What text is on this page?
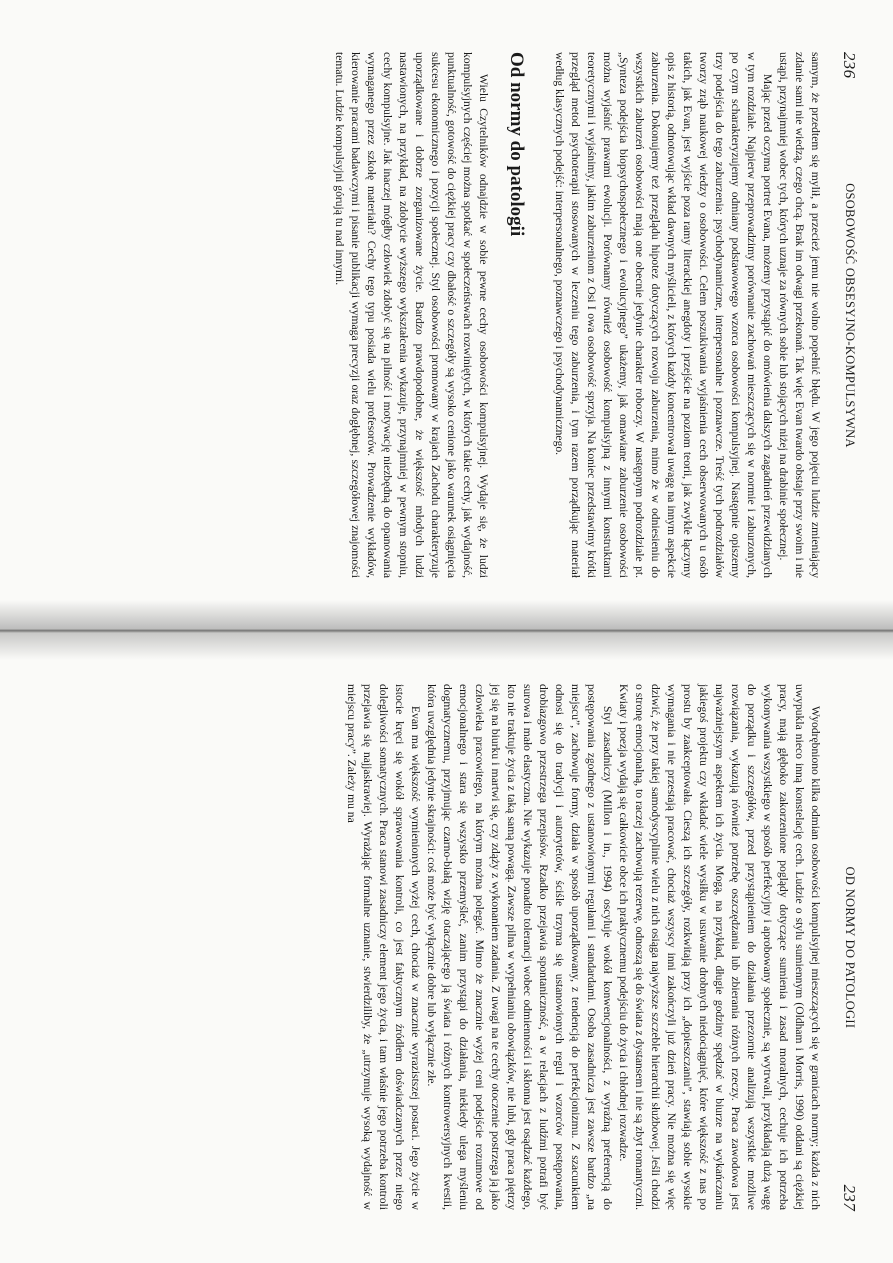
236
OSOBOWOŚĆ OBSESYJNO-KOMPULSYWNA

samym, że przedtem się mylił, a przecież jemu nie wolno popełnić błędu. W jego pojęciu ludzie zmieniający zdanie sami nie wiedzą, czego chcą. Brak im odwagi przekonań. Tak więc Evan twardo obstaje przy swoim i nie ustąpi, przynajmniej wobec tych, których uznaje za równych sobie lub stojących niżej na drabinie społecznej.

Mając przed oczyma portret Evana, możemy przystąpić do omówienia dalszych zagadnień przewidzianych w tym rozdziale. Najpierw przeprowadzimy porównanie zachowań mieszczących się w normie i zaburzonych, po czym scharakteryzujemy odmiany podstawowego wzorca osobowości kompulsyjnej. Następnie opiszemy trzy podejścia do tego zaburzenia: psychodynamiczne, interpersonalne i poznawcze. Treść tych podrozdziałów tworzy zrąb naukowej wiedzy o osobowości. Celem poszukiwania wyjaśnienia cech obserwowanych u osób takich, jak Evan, jest wyjście poza ramy literackiej anegdoty i przejście na poziom teorii, jak zwykle łączymy opis z historią, odnotowując wkład dawnych myślicieli, z których każdy koncentrował uwagę na innym aspekcie zaburzenia. Dokonujemy też przeglądu hipotez dotyczących rozwoju zaburzenia, mimo że w odniesieniu do wszystkich zaburzeń osobowości mają one obecnie jedynie charakter roboczy. W następnym podrozdziale pt. „Synteza podejścia biopsychospołecznego i ewolucyjnego” ukażemy, jak omawiane zaburzenie osobowości można wyjaśnić prawami ewolucji. Porównamy również osobowość kompulsyjną z innymi konstruktami teoretycznymi i wyjaśnimy, jakim zaburzeniom z Osi I owa osobowość sprzyja. Na koniec przedstawimy krótki przegląd metod psychoterapii stosowanych w leczeniu tego zaburzenia, i tym razem porządkując materiał według klasycznych podejść: interpersonalnego, poznawczego i psychodynamicznego.

Od normy do patologii

Wielu Czytelników odnajdzie w sobie pewne cechy osobowości kompulsyjnej. Wydaje się, że ludzi kompulsyjnych częściej można spotkać w społeczeństwach rozwiniętych, w których takie cechy, jak wydajność, punktualność, gotowość do ciężkiej pracy czy dbałość o szczegóły są wysoko cenione jako warunek osiągnięcia sukcesu ekonomicznego i pozycji społecznej. Styl osobowości promowany w krajach Zachodu charakteryzuje uporządkowane i dobrze zorganizowane życie. Bardzo prawdopodobne, że większość młodych ludzi nastawionych, na przykład, na zdobycie wyższego wykształcenia wykazuje, przynajmniej w pewnym stopniu, cechy kompulsyjne. Jak inaczej mógłby człowiek zdobyć się na pilność i motywację niezbędną do opanowania wymaganego przez szkołę materiału? Cechy tego typu posiada wielu profesorów. Prowadzenie wykładów, kierowanie pracami badawczymi i pisanie publikacji wymaga precyzji oraz dogłębnej, szczegółowej znajomości tematu. Ludzie kompulsyjni górują tu nad innymi.

OD NORMY DO PATOLOGII
237

Wyodrębniono kilka odmian osobowości kompulsyjnej mieszczących się w granicach normy; każda z nich uwypukla nieco inną konstelację cech. Ludzie o stylu sumiennym (Oldham i Morris, 1990) oddani są ciężkiej pracy, mają głęboko zakorzenione poglądy dotyczące sumienia i zasad moralnych, cechuje ich potrzeba wykonywania wszystkiego w sposób perfekcyjny i aprobowany społecznie, są wytrwali, przykładają dużą wagę do porządku i szczegółów, przed przystąpieniem do działania przezornie analizują wszystkie możliwe rozwiązania, wykazują również potrzebę oszczędzania lub zbierania różnych rzeczy. Praca zawodowa jest najważniejszym aspektem ich życia. Mogą, na przykład, długie godziny spędzać w biurze na wykańczaniu jakiegoś projektu czy wkładać wiele wysiłku w usuwanie drobnych niedociągnięć, które większość z nas po prostu by zaakceptowała. Cieszą ich szczegóły, rozkwitają przy ich „dopieszczaniu”, stawiają sobie wysokie wymagania i nie przestają pracować, chociaż wszyscy inni zakończyli już dzień pracy. Nie można się więc dziwić, że przy takiej samodyscyplinie wielu z nich osiąga najwyższe szczeble hierarchii służbowej. Jeśli chodzi o stronę emocjonalną, to raczej zachowują rezerwę, odnoszą się do świata z dystansem i nie są zbyt romantyczni. Kwiaty i poezja wydają się całkowicie obce ich praktycznemu podejściu do życia i chłodnej rozwadze.

Styl zasadniczy (Millon i in., 1994) oscyluje wokół konwencjonalności, z wyraźną preferencją do postępowania zgodnego z ustanowionymi regułami i standardami. Osoba zasadnicza jest zawsze bardzo „na miejscu”, zachowuje formy, działa w sposób uporządkowany, z tendencją do perfekcjonizmu. Z szacunkiem odnosi się do tradycji i autorytetów, ściśle trzyma się ustanowionych reguł i wzorców postępowania, drobiazgowo przestrzega przepisów. Rzadko przejawia spontaniczność, a w relacjach z ludźmi potrafi być surowa i mało elastyczna. Nie wykazuje ponadto tolerancji wobec odmienności i skłonna jest osądzać każdego, kto nie traktuje życia z taką samą powagą. Zawsze pilna w wypełnianiu obowiązków, nie lubi, gdy praca piętrzy jej się na biurku i martwi się, czy zdąży z wykonaniem zadania. Z uwagi na te cechy otoczenie postrzega ją jako człowieka pracowitego, na którym można polegać. Mimo że znacznie wyżej ceni podejście rozumowe od emocjonalnego i stara się wszystko przemyśleć, zanim przystąpi do działania, niekiedy ulega myśleniu dogmatycznemu, przyjmując czarno-białą wizję otaczającego ją świata i różnych kontrowersyjnych kwestii, która uwzględnia jedynie skrajności: coś może być wyłącznie dobre lub wyłącznie złe.

Evan ma większość wymienionych wyżej cech, chociaż w znacznie wyrazistszej postaci. Jego życie w istocie kręci się wokół sprawowania kontroli, co jest faktycznym źródłem doświadczanych przez niego dolegliwości somatycznych. Praca stanowi zasadniczy element jego życia, i tam właśnie jego potrzeba kontroli przejawia się najjaskrawiej. Wyrażając formalne uznanie, stwierdziliby, że „utrzymuje wysoką wydajność w miejscu pracy”. Zależy mu na
